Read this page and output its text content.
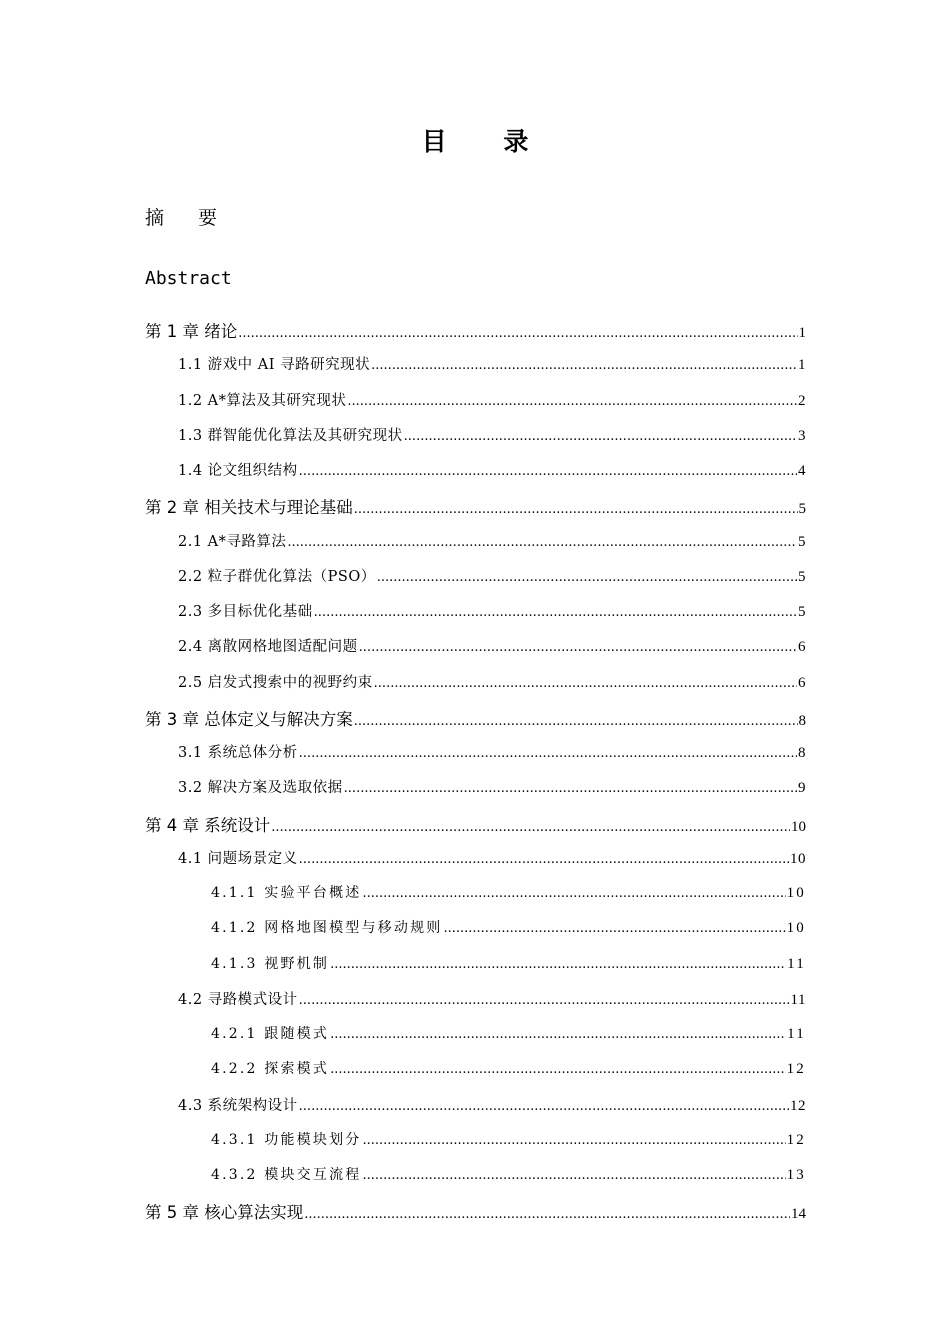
目 录
摘 要
Abstract
第 1 章 绪论 .....	1
1.1 游戏中 AI 寻路研究现状 .....	1
1.2 A*算法及其研究现状 .....	2
1.3 群智能优化算法及其研究现状 .....	3
1.4 论文组织结构 .....	4
第 2 章 相关技术与理论基础 .....	5
2.1 A*寻路算法 .....	5
2.2 粒子群优化算法（PSO） .....	5
2.3 多目标优化基础 .....	5
2.4 离散网格地图适配问题 .....	6
2.5 启发式搜索中的视野约束 .....	6
第 3 章 总体定义与解决方案 .....	8
3.1 系统总体分析 .....	8
3.2 解决方案及选取依据 .....	9
第 4 章 系统设计 .....	10
4.1 问题场景定义 .....	10
4.1.1 实验平台概述 .....	10
4.1.2 网格地图模型与移动规则 .....	10
4.1.3 视野机制 .....	11
4.2 寻路模式设计 .....	11
4.2.1 跟随模式 .....	11
4.2.2 探索模式 .....	12
4.3 系统架构设计 .....	12
4.3.1 功能模块划分 .....	12
4.3.2 模块交互流程 .....	13
第 5 章 核心算法实现 .....	14
